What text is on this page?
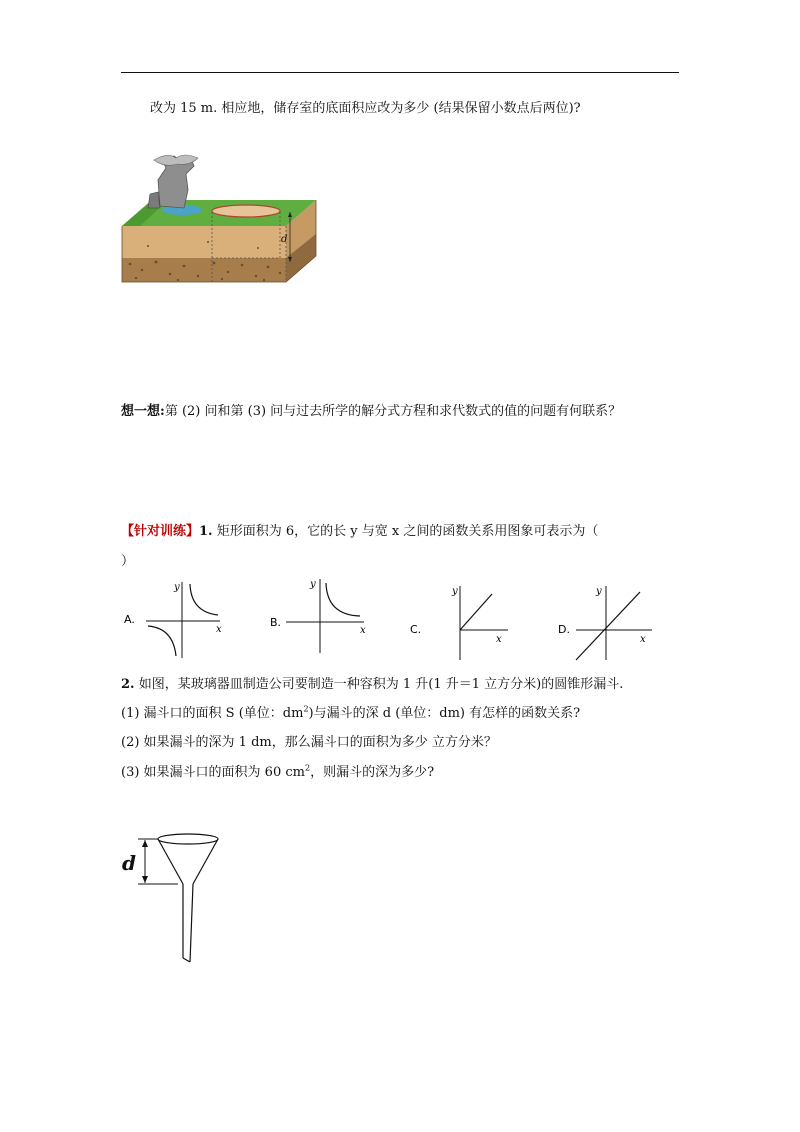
改为 15 m. 相应地，储存室的底面积应改为多少 (结果保留小数点后两位)?
d
想一想:第 (2) 问和第 (3) 问与过去所学的解分式方程和求代数式的值的问题有何联系？
【针对训练】1. 矩形面积为 6，它的长 y 与宽 x 之间的函数关系用图象可表示为（
）
A.
x
y
B.
x
y
C.
x
y
D.
x
y
2. 如图，某玻璃器皿制造公司要制造一种容积为 1 升(1 升＝1 立方分米)的圆锥形漏斗.
(1) 漏斗口的面积 S (单位：$dm^2$)与漏斗的深 d (单位：dm) 有怎样的函数关系?
(2) 如果漏斗的深为 1 dm，那么漏斗口的面积为多少 立方分米？
(3) 如果漏斗口的面积为 60 $cm^2$，则漏斗的深为多少?
d
